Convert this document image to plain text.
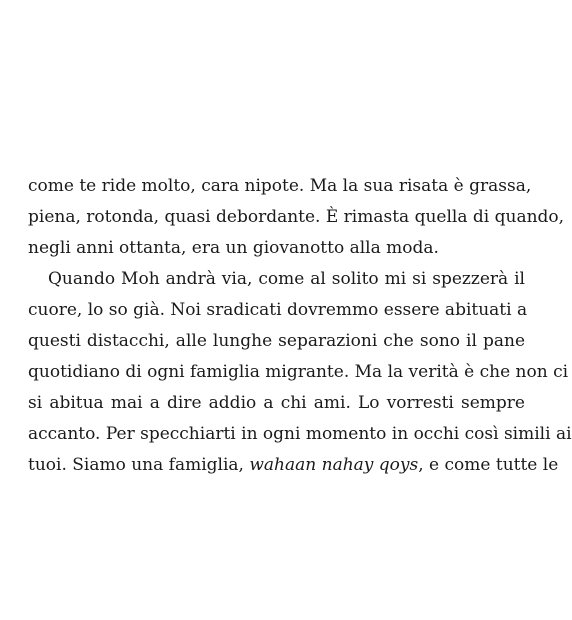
come te ride molto, cara nipote. Ma la sua risata è grassa,
piena, rotonda, quasi debordante. È rimasta quella di quando,
negli anni ottanta, era un giovanotto alla moda.
Quando Moh andrà via, come al solito mi si spezzerà il
cuore, lo so già. Noi sradicati dovremmo essere abituati a
questi distacchi, alle lunghe separazioni che sono il pane
quotidiano di ogni famiglia migrante. Ma la verità è che non ci
si abitua mai a dire addio a chi ami. Lo vorresti sempre
accanto. Per specchiarti in ogni momento in occhi così simili ai
tuoi. Siamo una famiglia, wahaan nahay qoys, e come tutte le
